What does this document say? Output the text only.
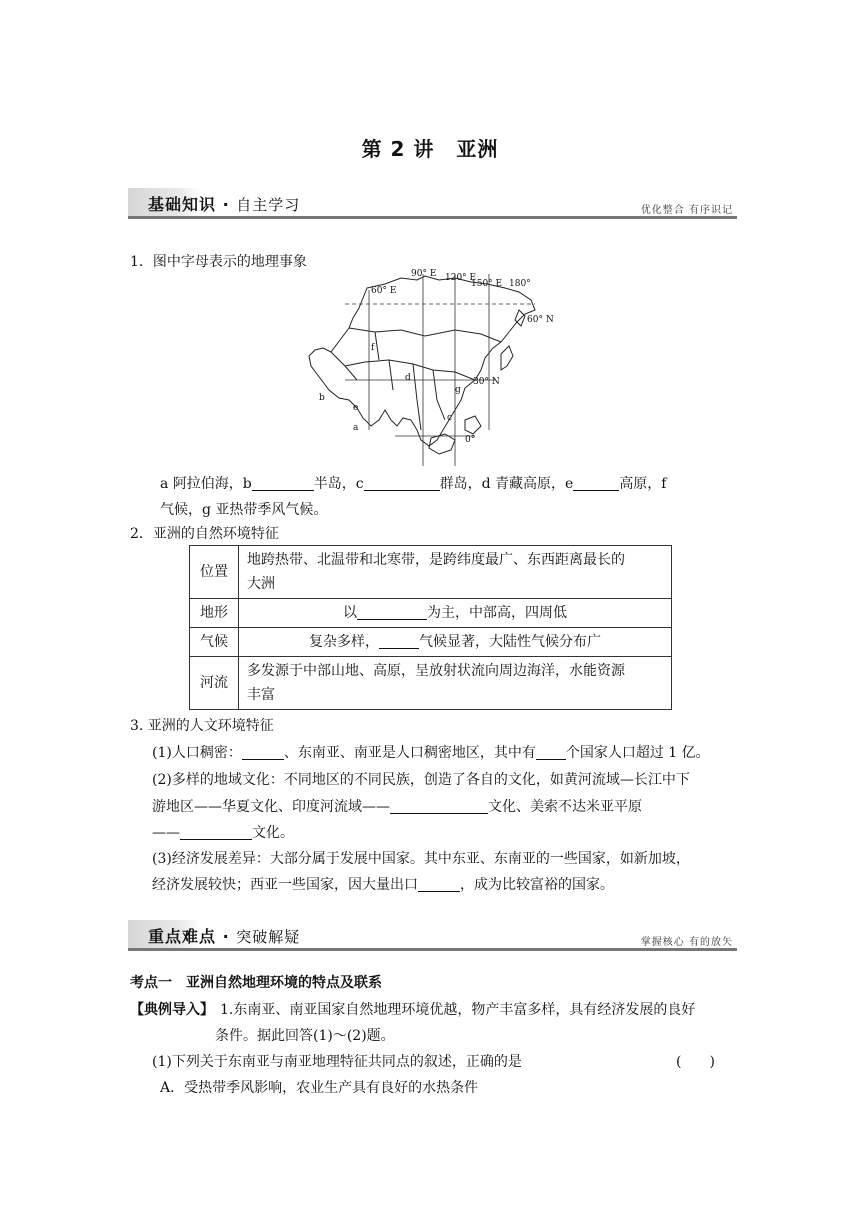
第 2 讲 亚洲
基础知识 · 自主学习	优化整合 有序识记
1．图中字母表示的地理事象
90° E 120° E
150° E 180°
60° E
60° N
30° N
0°
a
b
c
d
e
f
g
a 阿拉伯海，b	半岛，c	群岛，d 青藏高原，e	高原，f
气候，g 亚热带季风气候。
2．亚洲的自然环境特征
位置	地跨热带、北温带和北寒带，是跨纬度最广、东西距离最长的
大洲
地形	以 为主，中部高，四周低
气候	复杂多样， 气候显著，大陆性气候分布广
河流	多发源于中部山地、高原，呈放射状流向周边海洋，水能资源
丰富
3. 亚洲的人文环境特征
(1)人口稠密：	、东南亚、南亚是人口稠密地区，其中有 个国家人口超过 1 亿。
(2)多样的地域文化：不同地区的不同民族，创造了各自的文化，如黄河流域—长江中下
游地区——华夏文化、印度河流域——	文化、美索不达米亚平原
——	文化。
(3)经济发展差异：大部分属于发展中国家。其中东亚、东南亚的一些国家，如新加坡，
经济发展较快；西亚一些国家，因大量出口	，成为比较富裕的国家。
重点难点 · 突破解疑	掌握核心 有的放矢
考点一　亚洲自然地理环境的特点及联系
【典例导入】 1.东南亚、南亚国家自然地理环境优越，物产丰富多样，具有经济发展的良好
条件。据此回答(1)～(2)题。
(1)下列关于东南亚与南亚地理特征共同点的叙述，正确的是	(　　)
A．受热带季风影响，农业生产具有良好的水热条件
